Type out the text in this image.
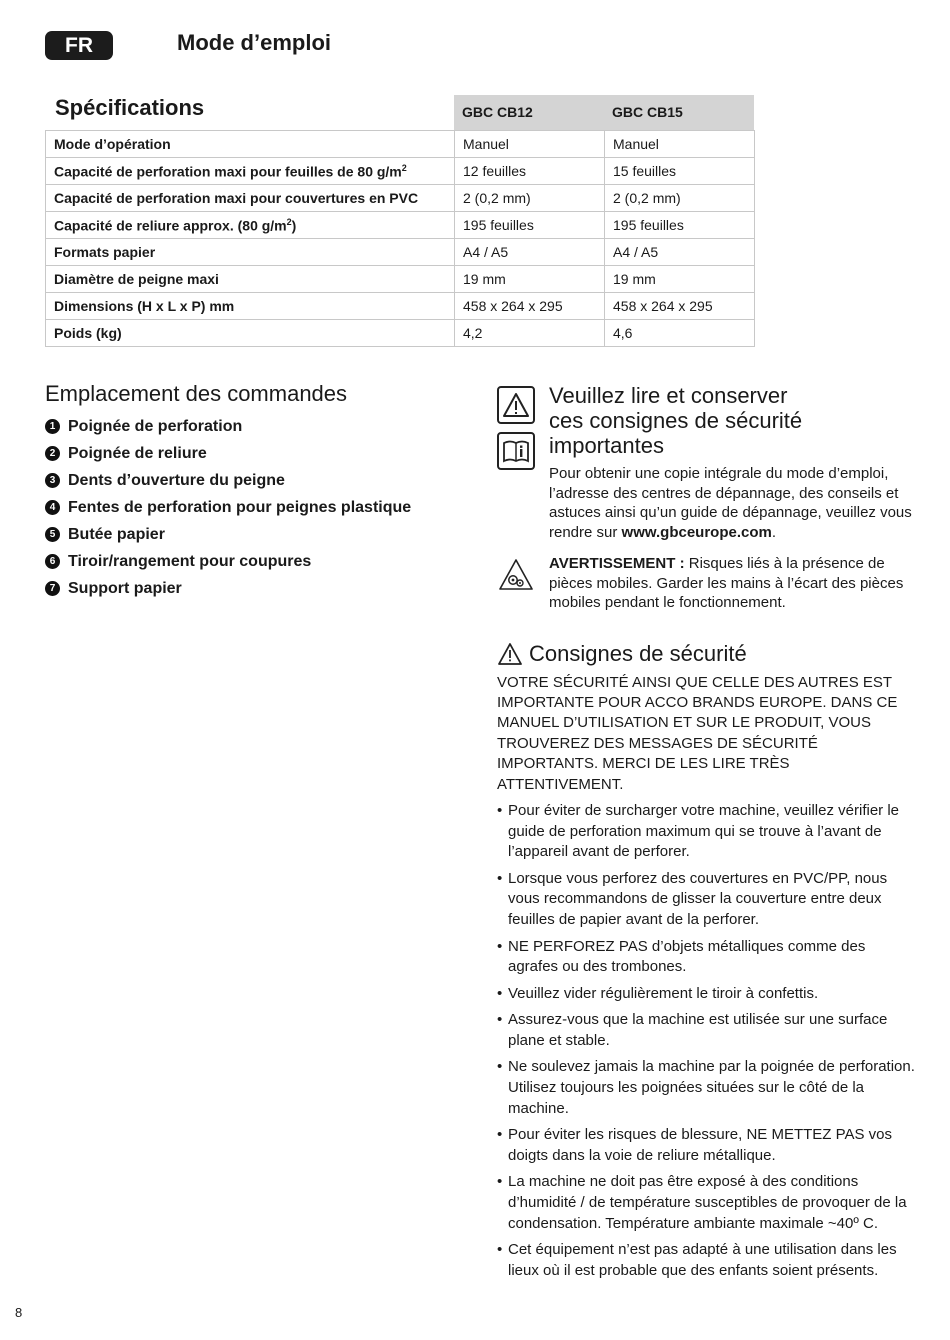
FR	Mode d’emploi
Spécifications	GBC CB12	GBC CB15
Mode d’opération	Manuel	Manuel
Capacité de perforation maxi pour feuilles de 80 $g/m^2$	12 feuilles	15 feuilles
Capacité de perforation maxi pour couvertures en PVC	2 (0,2 mm)	2 (0,2 mm)
Capacité de reliure approx. (80 $g/m^2$)	195 feuilles	195 feuilles
Formats papier	A4 / A5	A4 / A5
Diamètre de peigne maxi	19 mm	19 mm
Dimensions (H x L x P) mm	458 x 264 x 295	458 x 264 x 295
Poids (kg)	4,2	4,6
Emplacement des commandes
1 Poignée de perforation
2 Poignée de reliure
3 Dents d’ouverture du peigne
4 Fentes de perforation pour peignes plastique
5 Butée papier
6 Tiroir/rangement pour coupures
7 Support papier
Veuillez lire et conserver
ces consignes de sécurité
importantes
Pour obtenir une copie intégrale du mode d’emploi, l’adresse des centres de dépannage, des conseils et astuces ainsi qu’un guide de dépannage, veuillez vous rendre sur www.gbceurope.com.
AVERTISSEMENT : Risques liés à la présence de pièces mobiles. Garder les mains à l’écart des pièces mobiles pendant le fonctionnement.
Consignes de sécurité
VOTRE SÉCURITÉ AINSI QUE CELLE DES AUTRES EST IMPORTANTE POUR ACCO BRANDS EUROPE. DANS CE MANUEL D’UTILISATION ET SUR LE PRODUIT, VOUS TROUVEREZ DES MESSAGES DE SÉCURITÉ IMPORTANTS. MERCI DE LES LIRE TRÈS ATTENTIVEMENT.
• Pour éviter de surcharger votre machine, veuillez vérifier le guide de perforation maximum qui se trouve à l’avant de l’appareil avant de perforer.
• Lorsque vous perforez des couvertures en PVC/PP, nous vous recommandons de glisser la couverture entre deux feuilles de papier avant de la perforer.
• NE PERFOREZ PAS d’objets métalliques comme des agrafes ou des trombones.
• Veuillez vider régulièrement le tiroir à confettis.
• Assurez-vous que la machine est utilisée sur une surface plane et stable.
• Ne soulevez jamais la machine par la poignée de perforation. Utilisez toujours les poignées situées sur le côté de la machine.
• Pour éviter les risques de blessure, NE METTEZ PAS vos doigts dans la voie de reliure métallique.
• La machine ne doit pas être exposé à des conditions d’humidité / de température susceptibles de provoquer de la condensation. Température ambiante maximale ~40º C.
• Cet équipement n’est pas adapté à une utilisation dans les lieux où il est probable que des enfants soient présents.
8
